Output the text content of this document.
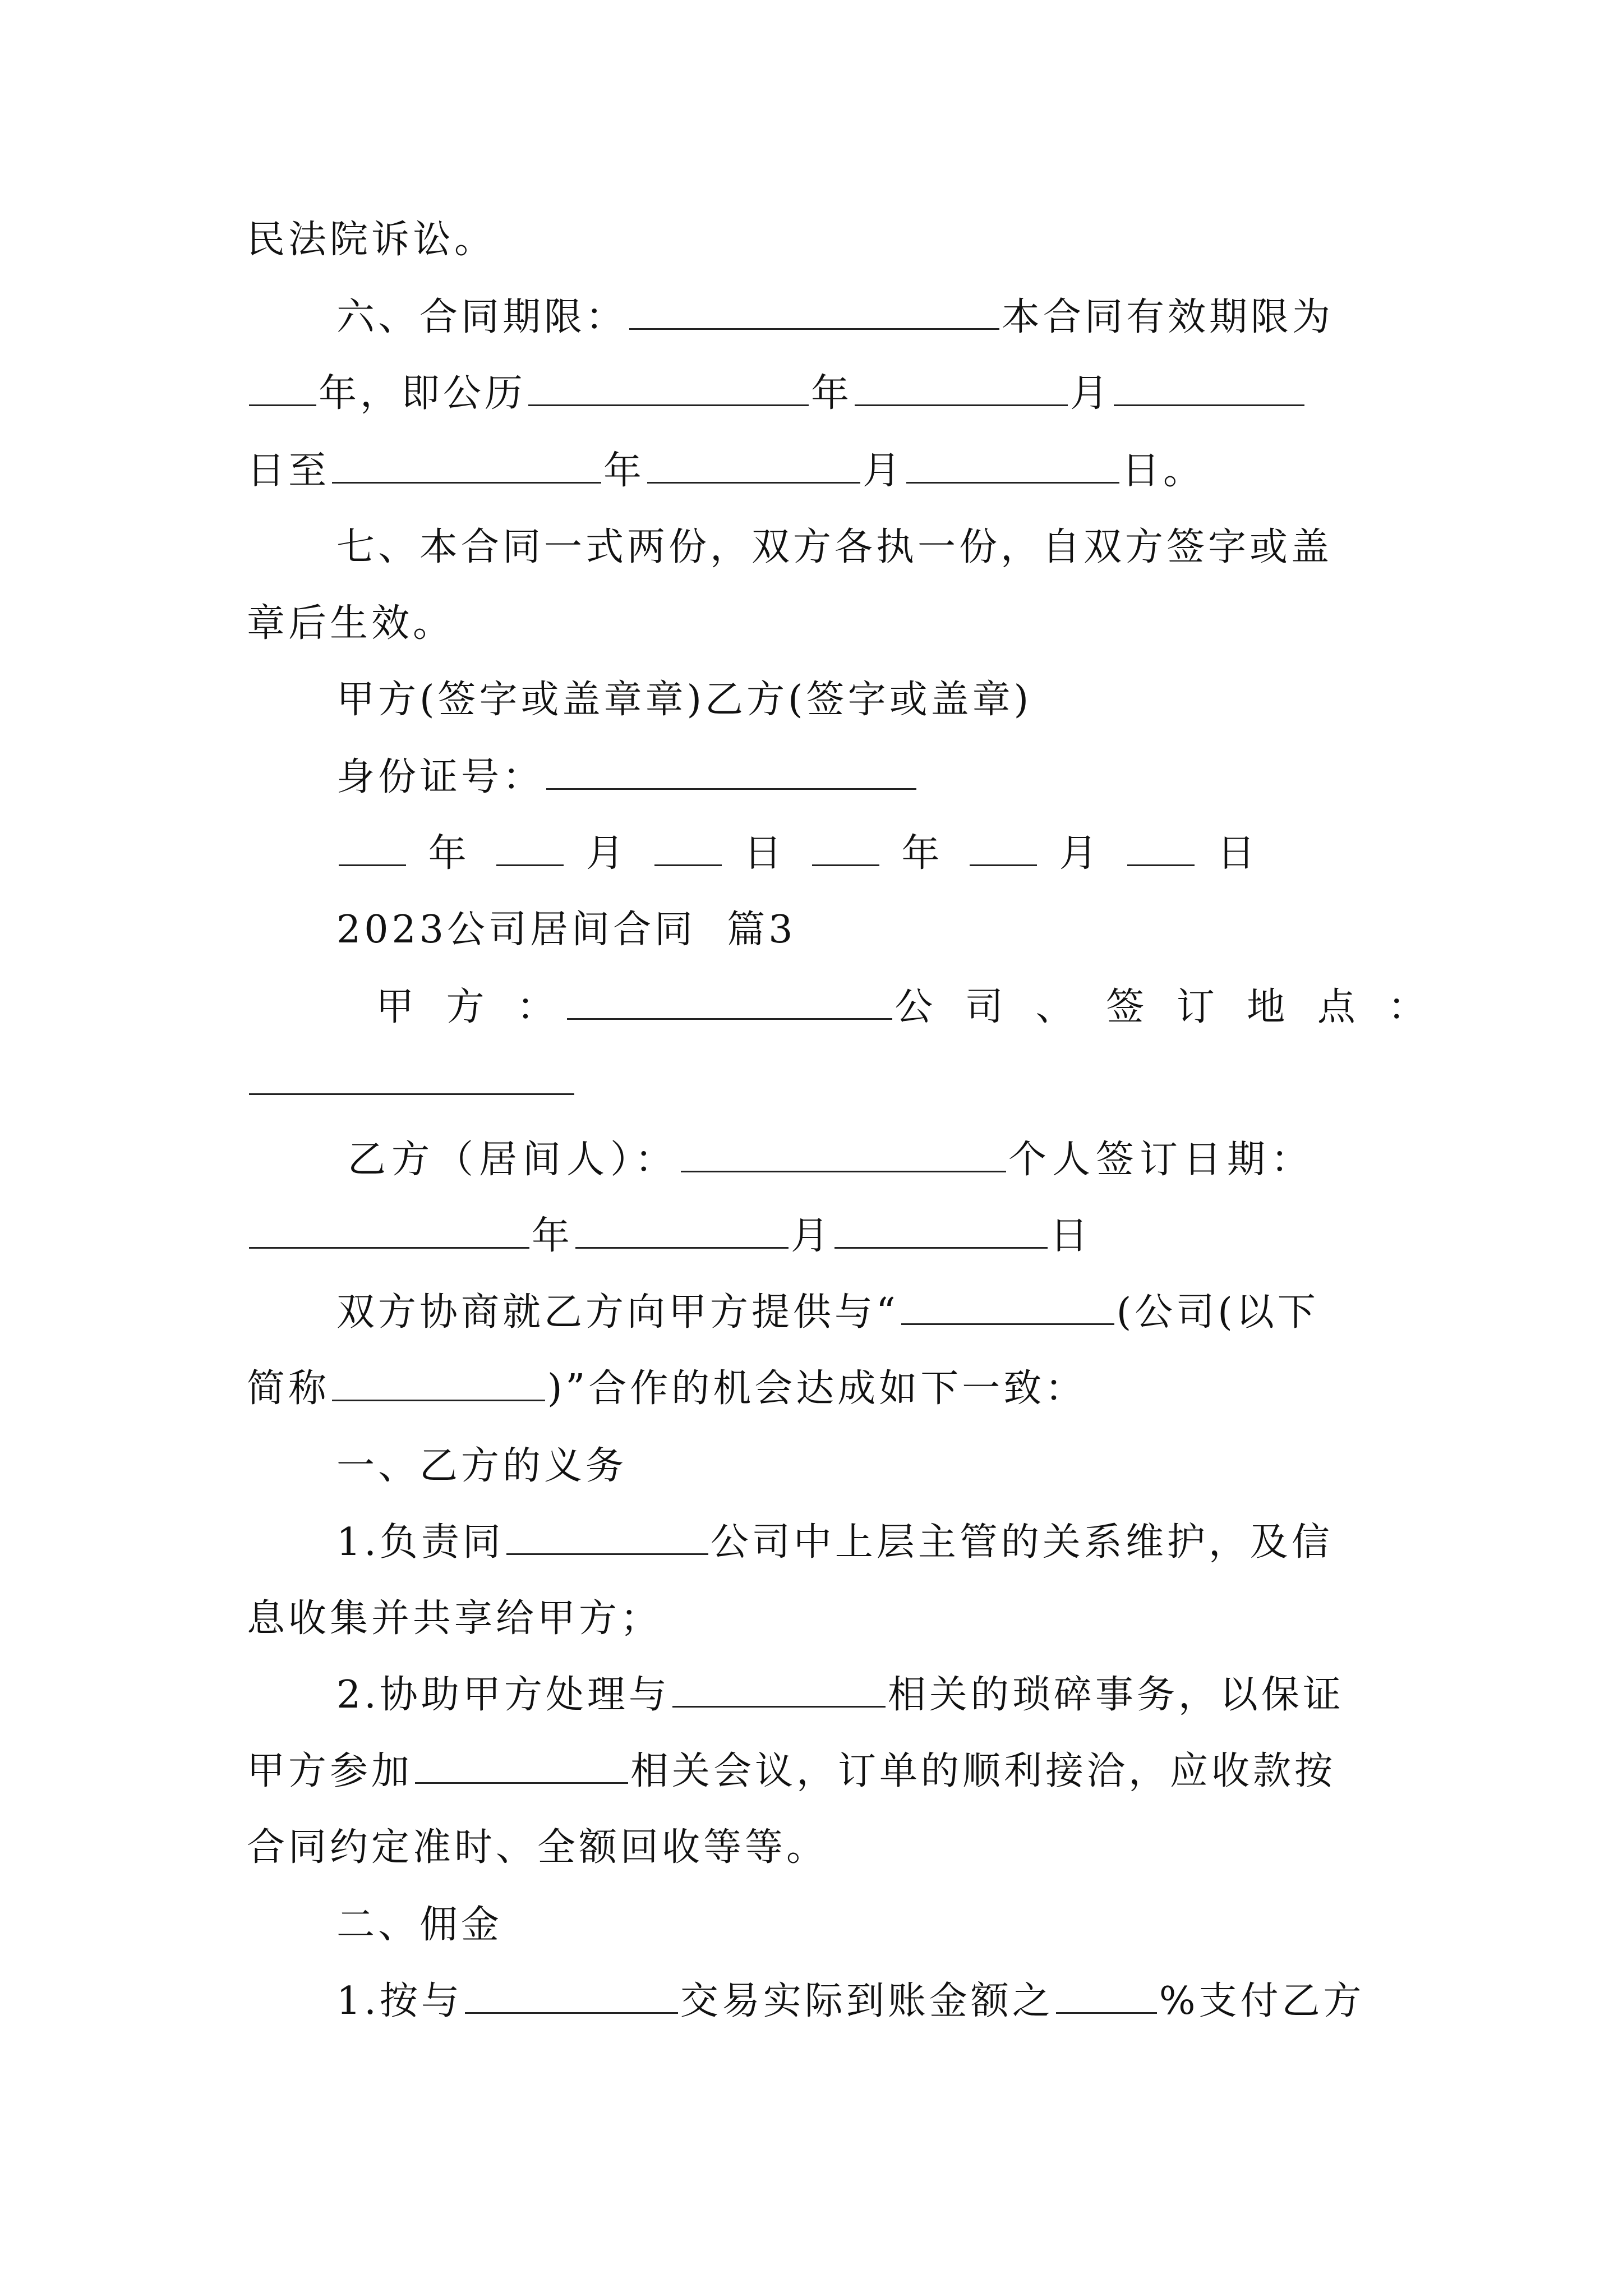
民法院诉讼。
六、合同期限：	本合同有效期限为
年，即公历	年	月
日至	年	月	日。
七、本合同一式两份，双方各执一份，自双方签字或盖
章后生效。
甲方(签字或盖章章)乙方(签字或盖章)
身份证号：
年	月	日	年	月	日
2023公司居间合同  篇3
甲 方 ：	公 司 、 签 订 地 点 ：
乙方（居间人）：	个人签订日期：
年	月	日
双方协商就乙方向甲方提供与“	(公司(以下
简称	)”合作的机会达成如下一致：
一、乙方的义务
1.负责同	公司中上层主管的关系维护，及信
息收集并共享给甲方；
2.协助甲方处理与	相关的琐碎事务，以保证
甲方参加	相关会议，订单的顺利接洽，应收款按
合同约定准时、全额回收等等。
二、佣金
1.按与	交易实际到账金额之	%支付乙方
